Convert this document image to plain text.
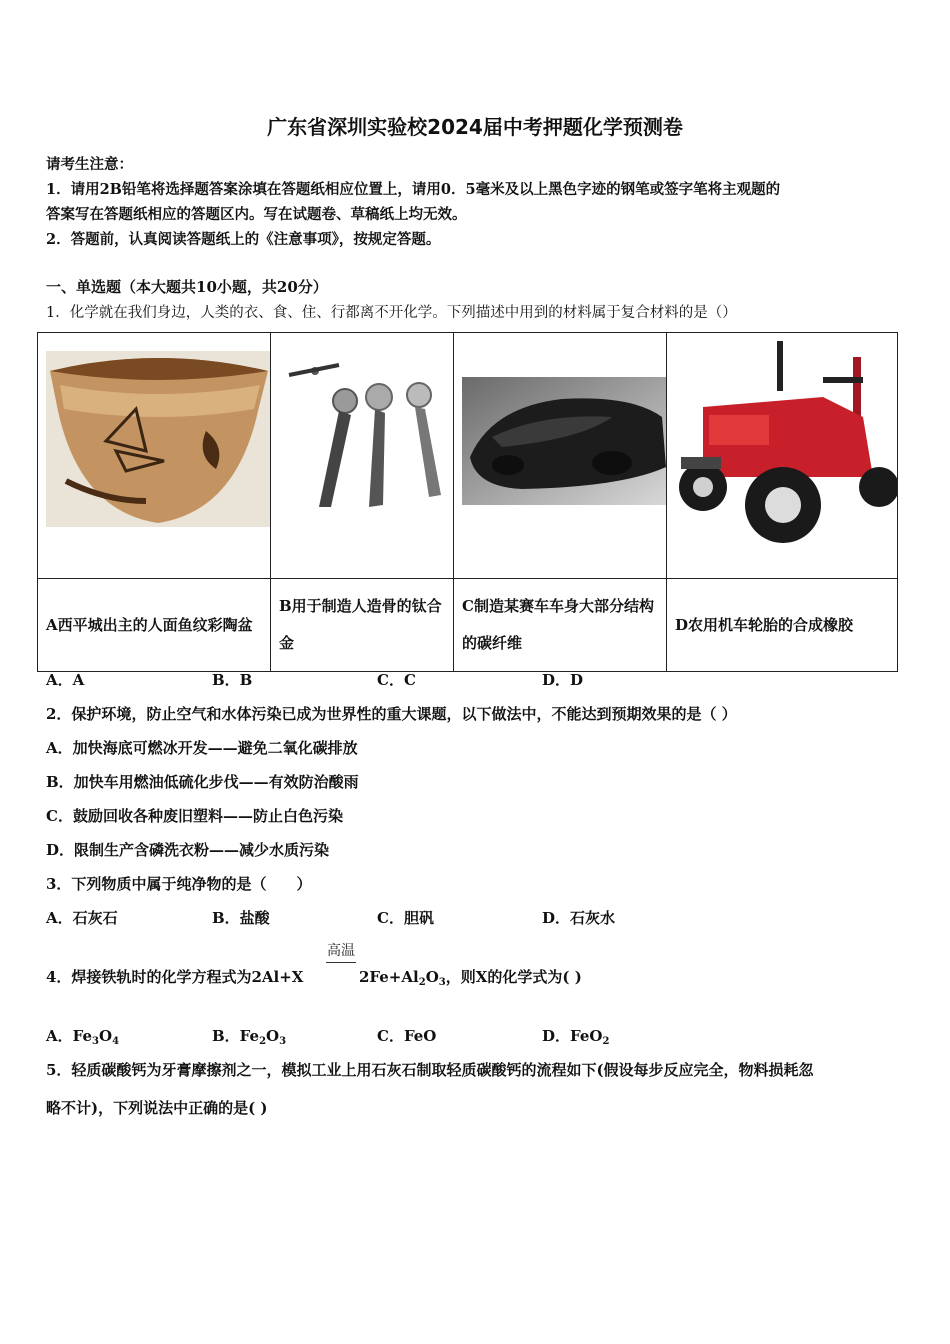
广东省深圳实验校2024届中考押题化学预测卷
请考生注意：
1．请用2B铅笔将选择题答案涂填在答题纸相应位置上，请用0．5毫米及以上黑色字迹的钢笔或签字笔将主观题的
答案写在答题纸相应的答题区内。写在试题卷、草稿纸上均无效。
2．答题前，认真阅读答题纸上的《注意事项》，按规定答题。
一、单选题（本大题共10小题，共20分）
1．化学就在我们身边，人类的衣、食、住、行都离不开化学。下列描述中用到的材料属于复合材料的是（）

A西平城出主的人面鱼纹彩陶盆	B用于制造人造骨的钛合金	C制造某赛车车身大部分结构的碳纤维	D农用机车轮胎的合成橡胶
A．A	B．B	C．C	D．D
2．保护环境，防止空气和水体污染已成为世界性的重大课题，以下做法中，不能达到预期效果的是（ ）
A．加快海底可燃冰开发——避免二氧化碳排放
B．加快车用燃油低硫化步伐——有效防治酸雨
C．鼓励回收各种废旧塑料——防止白色污染
D．限制生产含磷洗衣粉——减少水质污染
3．下列物质中属于纯净物的是（　　）
A．石灰石	B．盐酸	C．胆矾	D．石灰水
高温
4．焊接铁轨时的化学方程式为2Al+X	$2Fe+Al_2O_3$，则X的化学式为( )
A．$Fe_3O_4$	B．$Fe_2O_3$	C．FeO	D．FeO$_2$
5．轻质碳酸钙为牙膏摩擦剂之一，模拟工业上用石灰石制取轻质碳酸钙的流程如下(假设每步反应完全，物料损耗忽
略不计)，下列说法中正确的是( )
